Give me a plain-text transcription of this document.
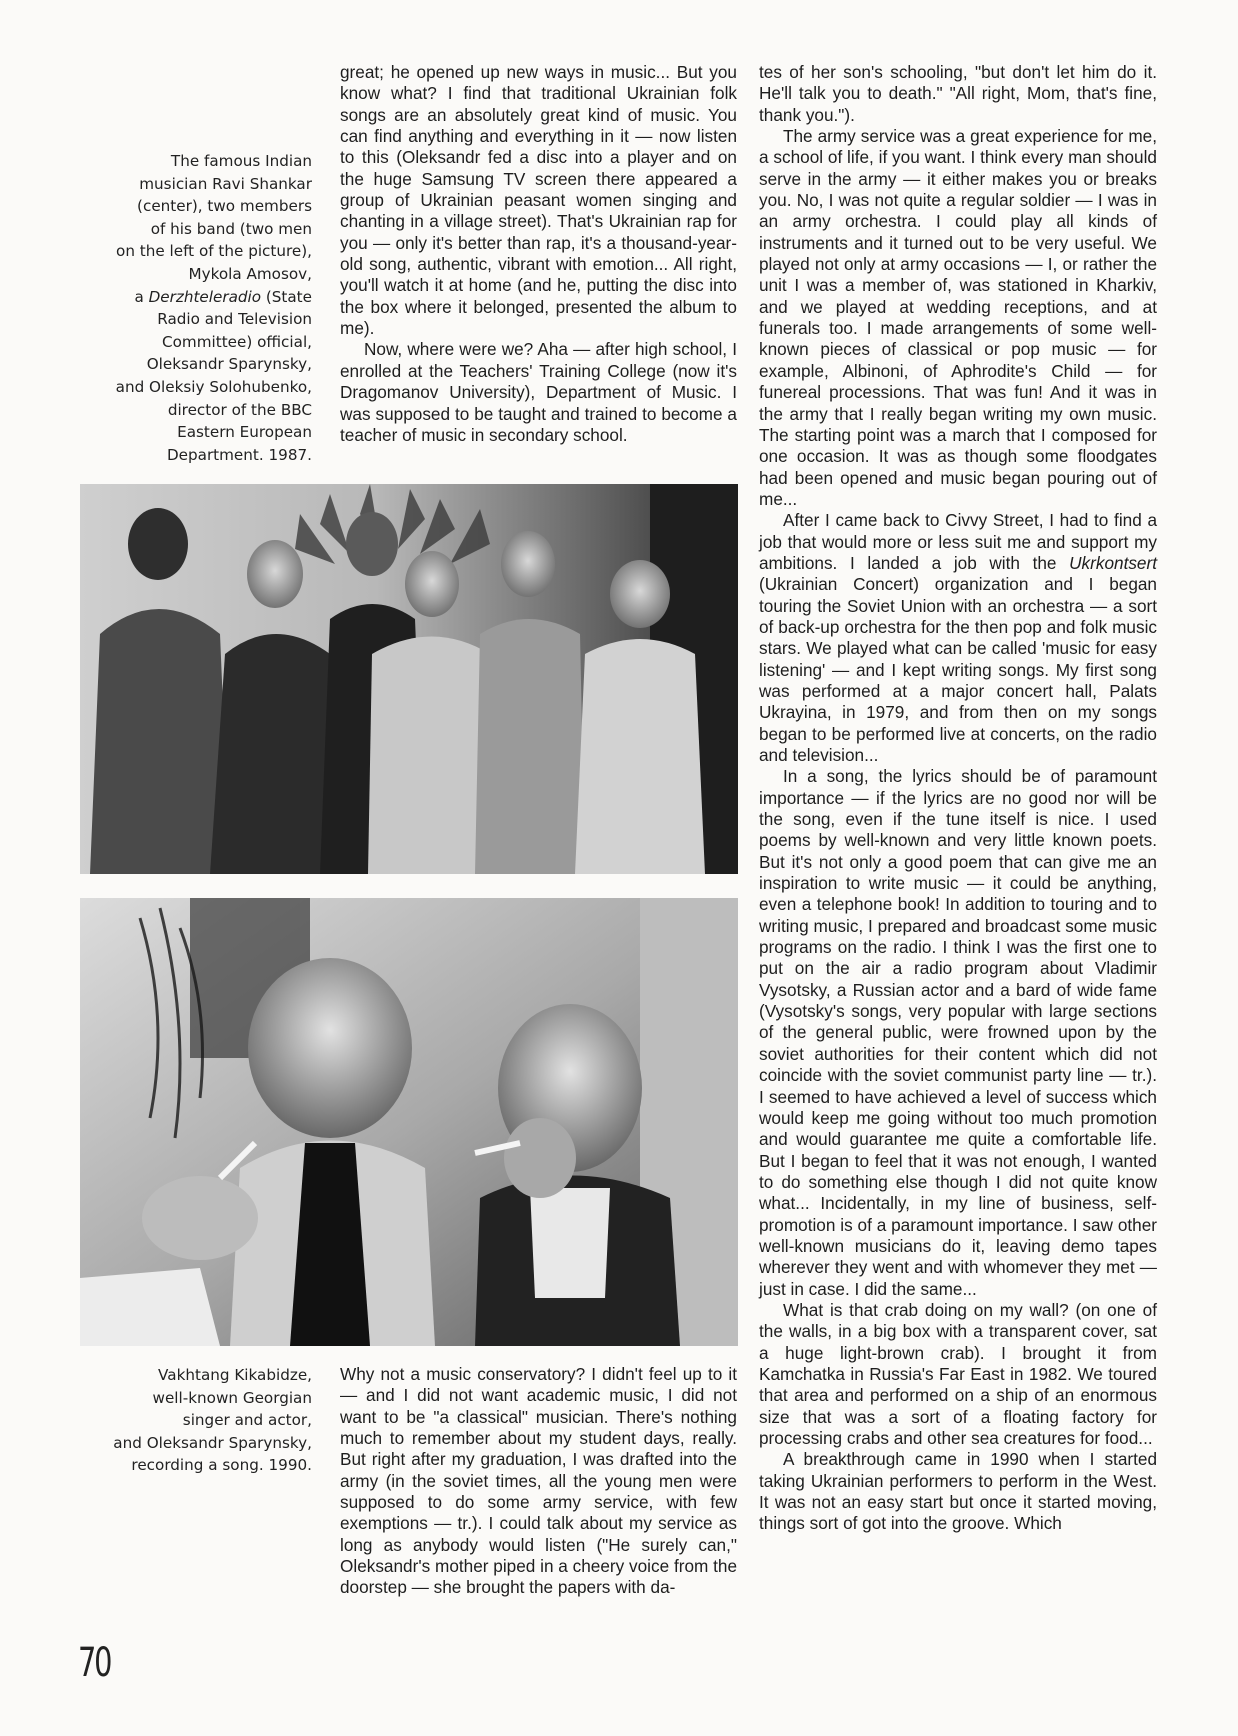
The famous Indian

musician Ravi Shankar

(center), two members

of his band (two men

on the left of the picture),

Mykola Amosov,

a Derzhteleradio (State

Radio and Television

Committee) official,

Oleksandr Sparynsky,

and Oleksiy Solohubenko,

director of the BBC

Eastern European

Department. 1987.

great; he opened up new ways in music... But you know what? I find that traditional Ukrainian folk songs are an absolutely great kind of music. You can find anything and everything in it — now listen to this (Oleksandr fed a disc into a player and on the huge Samsung TV screen there appeared a group of Ukrainian peasant women singing and chanting in a village street). That's Ukrainian rap for you — only it's better than rap, it's a thousand-year-old song, authentic, vibrant with emotion... All right, you'll watch it at home (and he, putting the disc into the box where it belonged, presented the album to me).

Now, where were we? Aha — after high school, I enrolled at the Teachers' Training College (now it's Dragomanov University), Department of Music. I was supposed to be taught and trained to become a teacher of music in secondary school.

Vakhtang Kikabidze,

well-known Georgian

singer and actor,

and Oleksandr Sparynsky,

recording a song. 1990.

Why not a music conservatory? I didn't feel up to it — and I did not want academic music, I did not want to be "a classical" musician. There's nothing much to remember about my student days, really. But right after my graduation, I was drafted into the army (in the soviet times, all the young men were supposed to do some army service, with few exemptions — tr.). I could talk about my service as long as anybody would listen ("He surely can," Oleksandr's mother piped in a cheery voice from the doorstep — she brought the papers with da-

tes of her son's schooling, "but don't let him do it. He'll talk you to death." "All right, Mom, that's fine, thank you.").

The army service was a great experience for me, a school of life, if you want. I think every man should serve in the army — it either makes you or breaks you. No, I was not quite a regular soldier — I was in an army orchestra. I could play all kinds of instruments and it turned out to be very useful. We played not only at army occasions — I, or rather the unit I was a member of, was stationed in Kharkiv, and we played at wedding receptions, and at funerals too. I made arrangements of some well-known pieces of classical or pop music — for example, Albinoni, of Aphrodite's Child — for funereal processions. That was fun! And it was in the army that I really began writing my own music. The starting point was a march that I composed for one occasion. It was as though some floodgates had been opened and music began pouring out of me...

After I came back to Civvy Street, I had to find a job that would more or less suit me and support my ambitions. I landed a job with the Ukrkontsert (Ukrainian Concert) organization and I began touring the Soviet Union with an orchestra — a sort of back-up orchestra for the then pop and folk music stars. We played what can be called 'music for easy listening' — and I kept writing songs. My first song was performed at a major concert hall, Palats Ukrayina, in 1979, and from then on my songs began to be performed live at concerts, on the radio and television...

In a song, the lyrics should be of paramount importance — if the lyrics are no good nor will be the song, even if the tune itself is nice. I used poems by well-known and very little known poets. But it's not only a good poem that can give me an inspiration to write music — it could be anything, even a telephone book! In addition to touring and to writing music, I prepared and broadcast some music programs on the radio. I think I was the first one to put on the air a radio program about Vladimir Vysotsky, a Russian actor and a bard of wide fame (Vysotsky's songs, very popular with large sections of the general public, were frowned upon by the soviet authorities for their content which did not coincide with the soviet communist party line — tr.). I seemed to have achieved a level of success which would keep me going without too much promotion and would guarantee me quite a comfortable life. But I began to feel that it was not enough, I wanted to do something else though I did not quite know what... Incidentally, in my line of business, self-promotion is of a paramount importance. I saw other well-known musicians do it, leaving demo tapes wherever they went and with whomever they met — just in case. I did the same...

What is that crab doing on my wall? (on one of the walls, in a big box with a transparent cover, sat a huge light-brown crab). I brought it from Kamchatka in Russia's Far East in 1982. We toured that area and performed on a ship of an enormous size that was a sort of a floating factory for processing crabs and other sea creatures for food...

A breakthrough came in 1990 when I started taking Ukrainian performers to perform in the West. It was not an easy start but once it started moving, things sort of got into the groove. Which

70
